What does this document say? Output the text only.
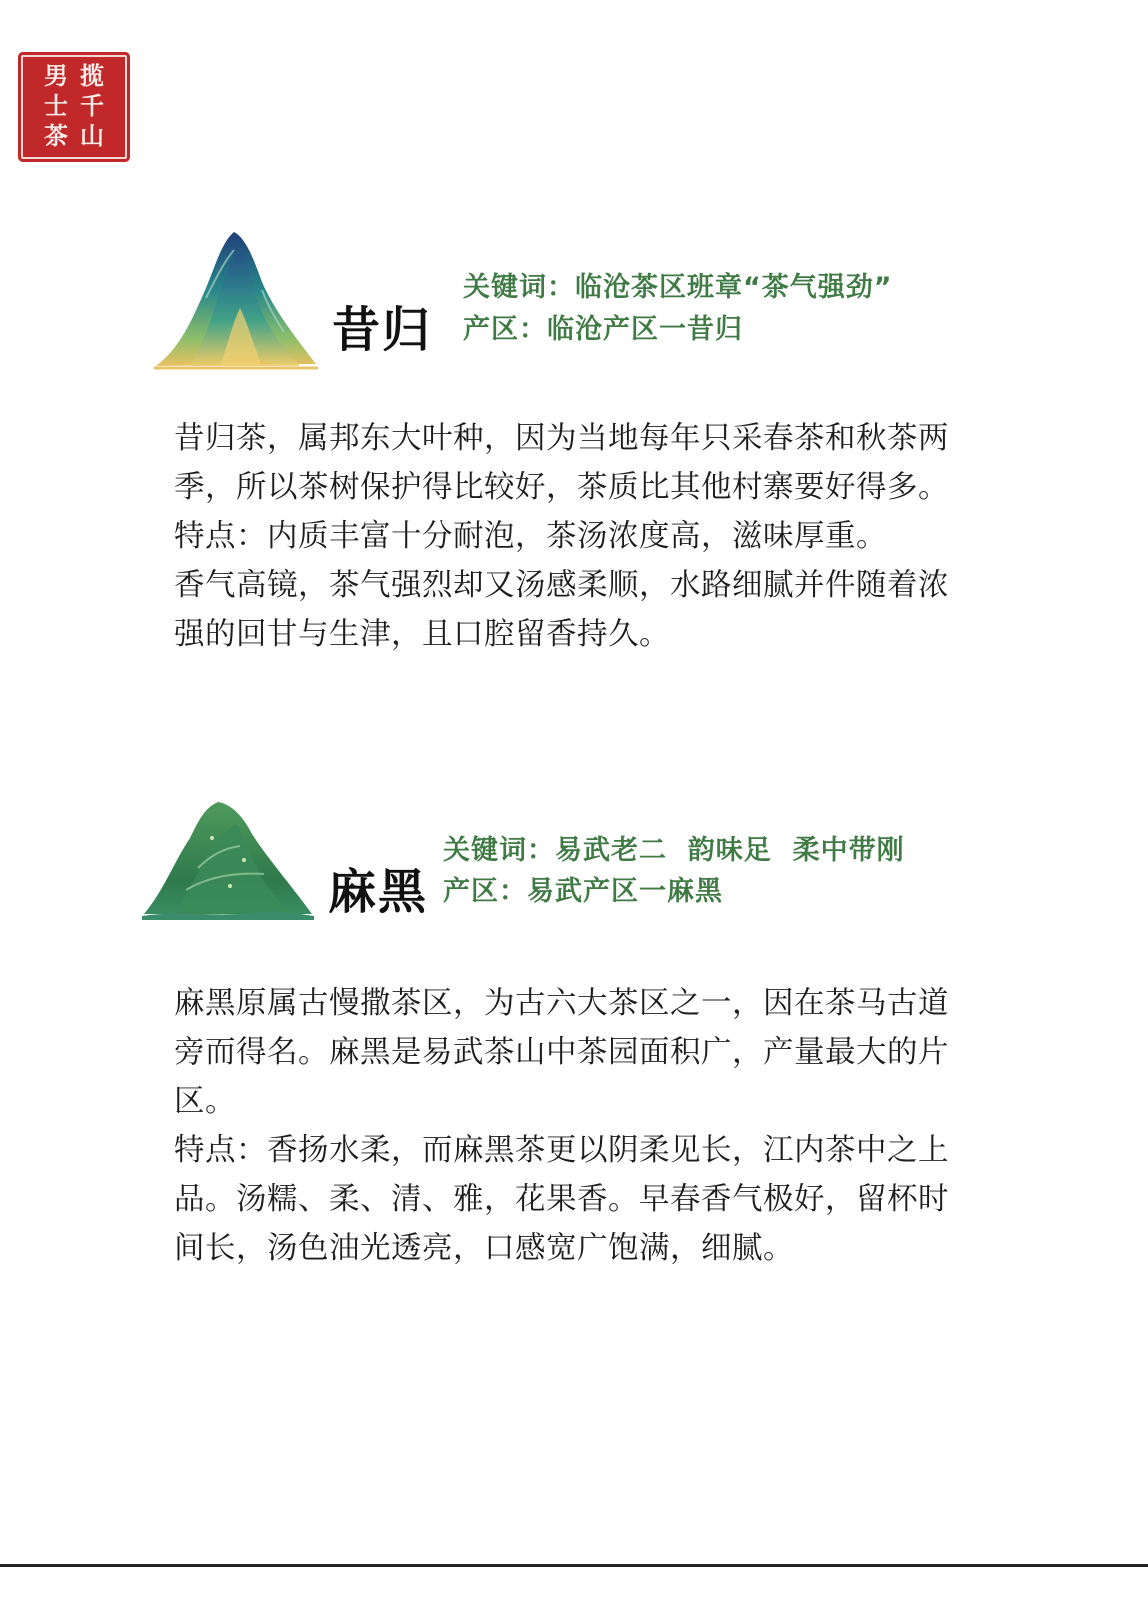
揽
千
山
男
士
茶
昔归
关键词：临沧茶区班章“茶气强劲”
产区：临沧产区一昔归

昔归茶，属邦东大叶种，因为当地每年只采春茶和秋茶两季，所以茶树保护得比较好，茶质比其他村寨要好得多。

特点：内质丰富十分耐泡，茶汤浓度高，滋味厚重。

香气高镜，茶气强烈却又汤感柔顺，水路细腻并件随着浓强的回甘与生津，且口腔留香持久。

麻黑
关键词：易武老二  韵味足  柔中带刚
产区：易武产区一麻黑

麻黑原属古慢撒茶区，为古六大茶区之一，因在茶马古道旁而得名。麻黑是易武茶山中茶园面积广，产量最大的片区。

特点：香扬水柔，而麻黑茶更以阴柔见长，江内茶中之上品。汤糯、柔、清、雅，花果香。早春香气极好，留杯时间长，汤色油光透亮，口感宽广饱满，细腻。
